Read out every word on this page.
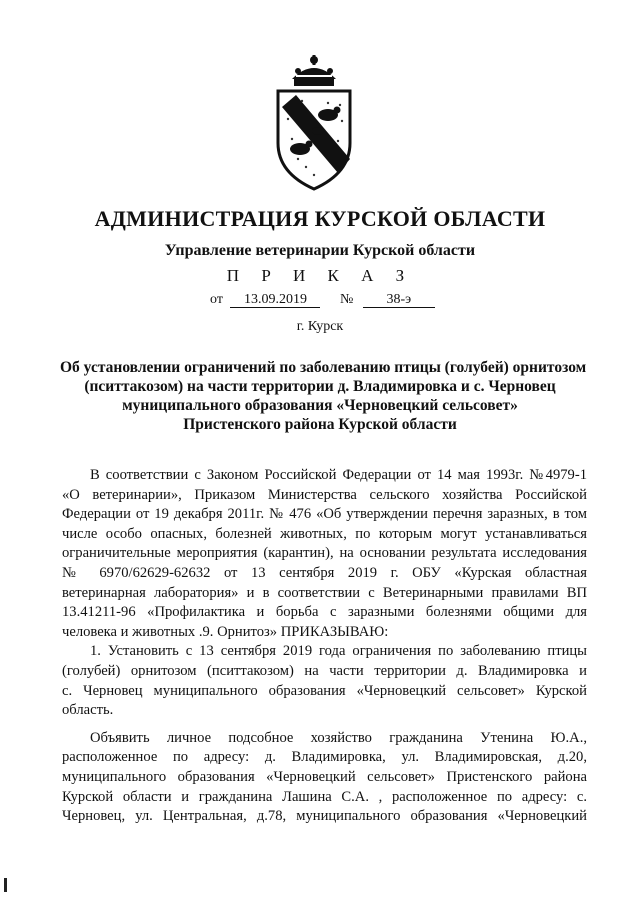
АДМИНИСТРАЦИЯ КУРСКОЙ ОБЛАСТИ
Управление ветеринарии Курской области
П Р И К А З
от 13.09.2019 № 38-э
г. Курск
Об установлении ограничений по заболеванию птицы (голубей) орнитозом
(пситтакозом) на части территории д. Владимировка и с. Черновец
муниципального образования «Черновецкий сельсовет»
Пристенского района Курской области

В соответствии с Законом Российской Федерации от 14 мая 1993г. №4979-1
«О ветеринарии», Приказом Министерства сельского хозяйства Российской
Федерации от 19 декабря 2011г. № 476 «Об утверждении перечня заразных, в том
числе особо опасных, болезней животных, по которым могут устанавливаться
ограничительные мероприятия (карантин), на основании результата исследования
№ 6970/62629-62632 от 13 сентября 2019 г. ОБУ «Курская областная
ветеринарная лаборатория» и в соответствии с Ветеринарными правилами ВП
13.41211-96 «Профилактика и борьба с заразными болезнями общими для
человека и животных .9. Орнитоз» ПРИКАЗЫВАЮ:

1. Установить с 13 сентября 2019 года ограничения по заболеванию птицы
(голубей) орнитозом (пситтакозом) на части территории д. Владимировка и
с. Черновец муниципального образования «Черновецкий сельсовет» Курской
область.

Объявить личное подсобное хозяйство гражданина Утенина Ю.А.,
расположенное по адресу: д. Владимировка, ул. Владимировская, д.20,
муниципального образования «Черновецкий сельсовет» Пристенского района
Курской области и гражданина Лашина С.А. , расположенное по адресу: с.
Черновец, ул. Центральная, д.78, муниципального образования «Черновецкий
